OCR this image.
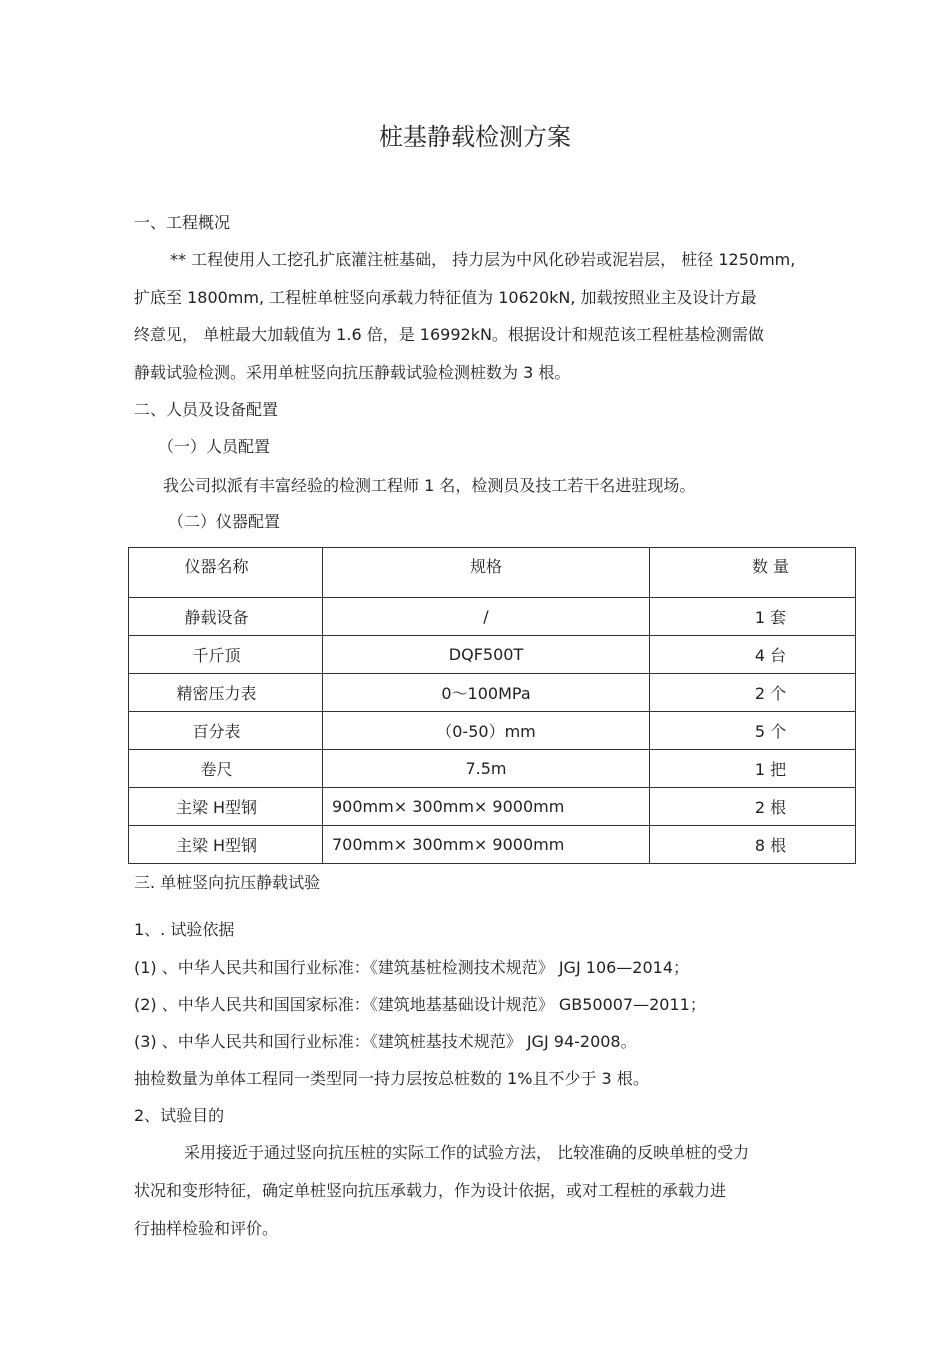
桩基静载检测方案
一、工程概况
** 工程使用人工挖孔扩底灌注桩基础， 持力层为中风化砂岩或泥岩层， 桩径 1250mm,
扩底至 1800mm, 工程桩单桩竖向承载力特征值为 10620kN, 加载按照业主及设计方最
终意见， 单桩最大加载值为 1.6 倍，是 16992kN。根据设计和规范该工程桩基检测需做
静载试验检测。采用单桩竖向抗压静载试验检测桩数为 3 根。
二、人员及设备配置
（一）人员配置
我公司拟派有丰富经验的检测工程师 1 名，检测员及技工若干名进驻现场。
（二）仪器配置
仪器名称	规格	数 量
静载设备	/	1 套
千斤顶	DQF500T	4 台
精密压力表	0～100MPa	2 个
百分表	（0-50）mm	5 个
卷尺	7.5m	1 把
主梁 H型钢	900mm× 300mm× 9000mm	2 根
主梁 H型钢	700mm× 300mm× 9000mm	8 根
三. 单桩竖向抗压静载试验
1、. 试验依据
(1) 、中华人民共和国行业标准：《建筑基桩检测技术规范》 JGJ 106—2014；
(2) 、中华人民共和国国家标准：《建筑地基基础设计规范》 GB50007—2011；
(3) 、中华人民共和国行业标准：《建筑桩基技术规范》 JGJ 94-2008。
抽检数量为单体工程同一类型同一持力层按总桩数的 1%且不少于 3 根。
2、试验目的
采用接近于通过竖向抗压桩的实际工作的试验方法， 比较准确的反映单桩的受力
状况和变形特征，确定单桩竖向抗压承载力，作为设计依据，或对工程桩的承载力进
行抽样检验和评价。
